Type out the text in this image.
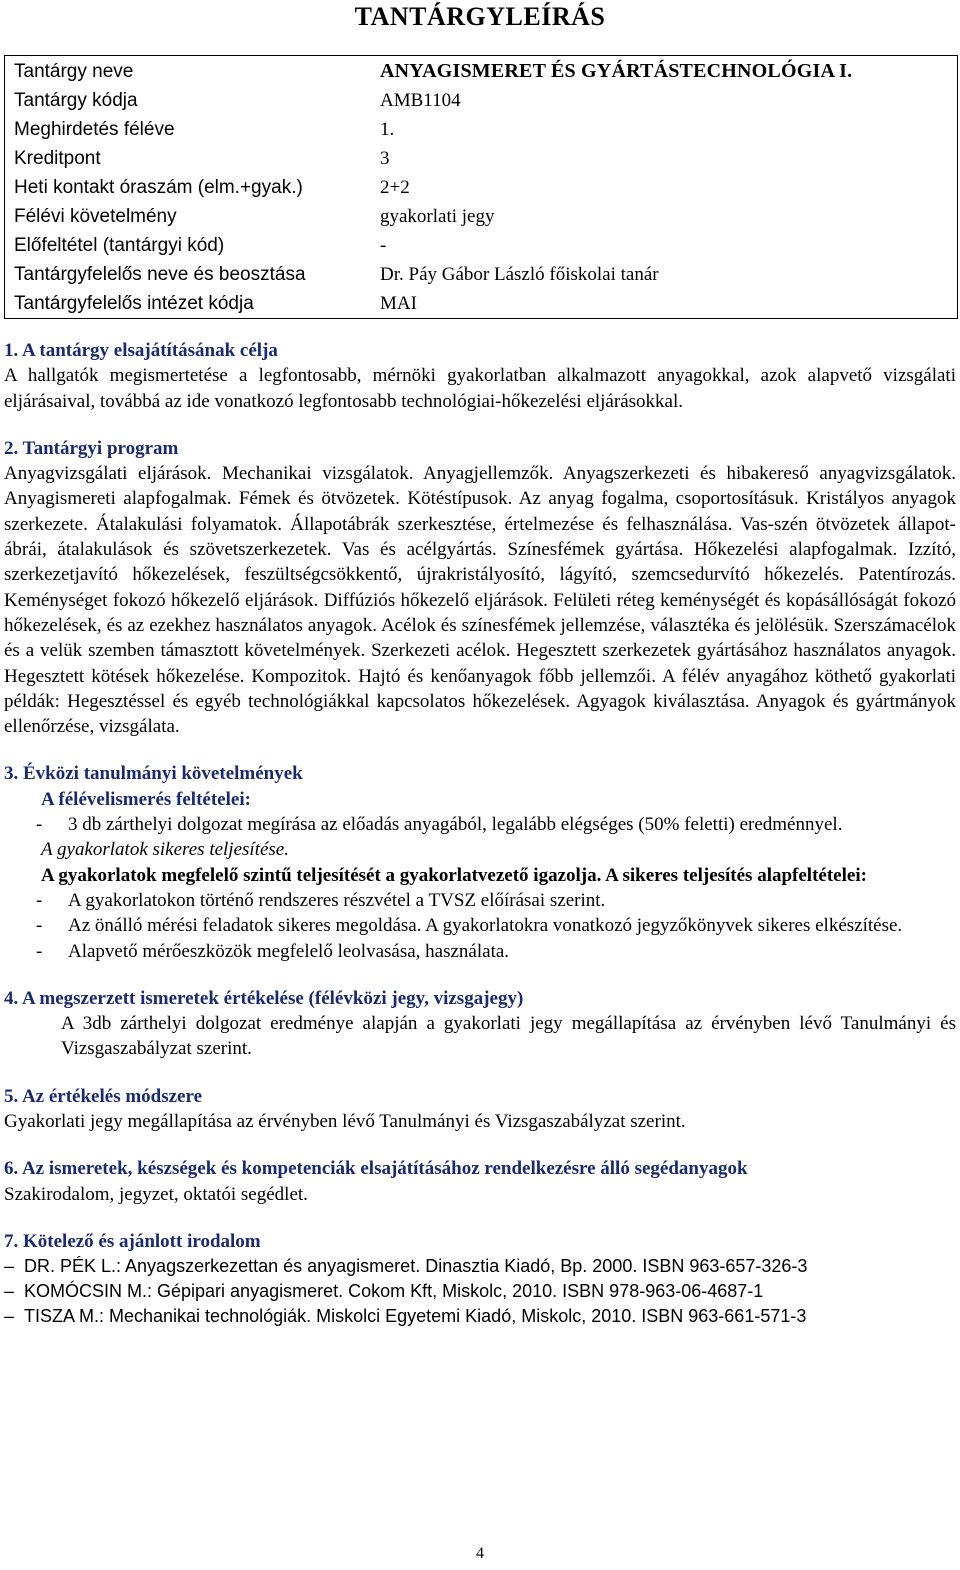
TANTÁRGYLEÍRÁS
Tantárgy neve	ANYAGISMERET ÉS GYÁRTÁSTECHNOLÓGIA I.
Tantárgy kódja	AMB1104
Meghirdetés féléve	1.
Kreditpont	3
Heti kontakt óraszám (elm.+gyak.)	2+2
Félévi követelmény	gyakorlati jegy
Előfeltétel (tantárgyi kód)	-
Tantárgyfelelős neve és beosztása	Dr. Páy Gábor László főiskolai tanár
Tantárgyfelelős intézet kódja	MAI

1. A tantárgy elsajátításának célja

A hallgatók megismertetése a legfontosabb, mérnöki gyakorlatban alkalmazott anyagokkal, azok alapvető vizsgálati eljárásaival, továbbá az ide vonatkozó legfontosabb technológiai-hőkezelési eljárásokkal.

2. Tantárgyi program

Anyagvizsgálati eljárások. Mechanikai vizsgálatok. Anyagjellemzők. Anyagszerkezeti és hibakereső anyagvizsgálatok. Anyagismereti alapfogalmak. Fémek és ötvözetek. Kötéstípusok. Az anyag fogalma, csoportosításuk. Kristályos anyagok szerkezete. Átalakulási folyamatok. Állapotábrák szerkesztése, értelmezése és felhasználása. Vas-szén ötvözetek állapot-ábrái, átalakulások és szövetszerkezetek. Vas és acélgyártás. Színesfémek gyártása. Hőkezelési alapfogalmak. Izzító, szerkezetjavító hőkezelések, feszültségcsökkentő, újrakristályosító, lágyító, szemcsedurvító hőkezelés. Patentírozás. Keménységet fokozó hőkezelő eljárások. Diffúziós hőkezelő eljárások. Felületi réteg keménységét és kopásállóságát fokozó hőkezelések, és az ezekhez használatos anyagok. Acélok és színesfémek jellemzése, választéka és jelölésük. Szerszámacélok és a velük szemben támasztott követelmények. Szerkezeti acélok. Hegesztett szerkezetek gyártásához használatos anyagok. Hegesztett kötések hőkezelése. Kompozitok. Hajtó és kenőanyagok főbb jellemzői. A félév anyagához köthető gyakorlati példák: Hegesztéssel és egyéb technológiákkal kapcsolatos hőkezelések. Agyagok kiválasztása. Anyagok és gyártmányok ellenőrzése, vizsgálata.

3. Évközi tanulmányi követelmények

A félévelismerés feltételei:

-	3 db zárthelyi dolgozat megírása az előadás anyagából, legalább elégséges (50% feletti) eredménnyel.

A gyakorlatok sikeres teljesítése.

A gyakorlatok megfelelő szintű teljesítését a gyakorlatvezető igazolja. A sikeres teljesítés alapfeltételei:

-	A gyakorlatokon történő rendszeres részvétel a TVSZ előírásai szerint.
-	Az önálló mérési feladatok sikeres megoldása. A gyakorlatokra vonatkozó jegyzőkönyvek sikeres elkészítése.
-	Alapvető mérőeszközök megfelelő leolvasása, használata.

4. A megszerzett ismeretek értékelése (félévközi jegy, vizsgajegy)

A 3db zárthelyi dolgozat eredménye alapján a gyakorlati jegy megállapítása az érvényben lévő Tanulmányi és Vizsgaszabályzat szerint.

5. Az értékelés módszere

Gyakorlati jegy megállapítása az érvényben lévő Tanulmányi és Vizsgaszabályzat szerint.

6. Az ismeretek, készségek és kompetenciák elsajátításához rendelkezésre álló segédanyagok

Szakirodalom, jegyzet, oktatói segédlet.

7. Kötelező és ajánlott irodalom

‒ DR. PÉK L.: Anyagszerkezettan és anyagismeret. Dinasztia Kiadó, Bp. 2000. ISBN 963-657-326-3
‒ KOMÓCSIN M.: Gépipari anyagismeret. Cokom Kft, Miskolc, 2010. ISBN 978-963-06-4687-1
‒ TISZA M.: Mechanikai technológiák. Miskolci Egyetemi Kiadó, Miskolc, 2010. ISBN 963-661-571-3
4
